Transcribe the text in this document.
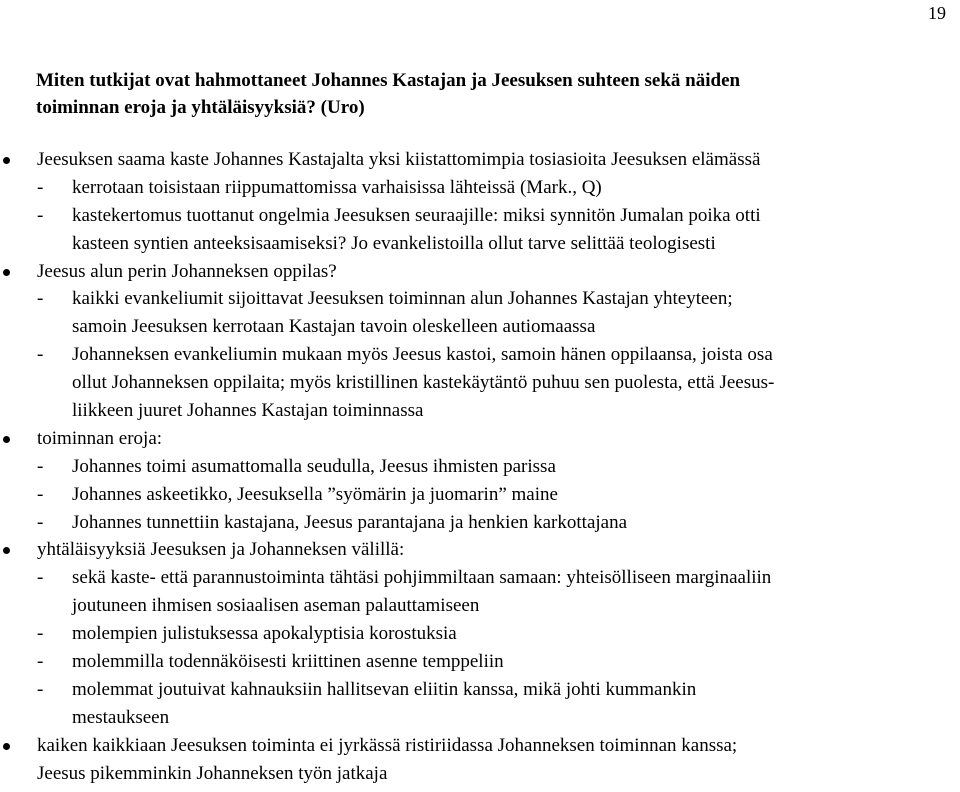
19
Miten tutkijat ovat hahmottaneet Johannes Kastajan ja Jeesuksen suhteen sekä näiden
toiminnan eroja ja yhtäläisyyksiä? (Uro)
Jeesuksen saama kaste Johannes Kastajalta yksi kiistattomimpia tosiasioita Jeesuksen elämässä
- kerrotaan toisistaan riippumattomissa varhaisissa lähteissä (Mark., Q)
- kastekertomus tuottanut ongelmia Jeesuksen seuraajille: miksi synnitön Jumalan poika otti
kasteen syntien anteeksisaamiseksi? Jo evankelistoilla ollut tarve selittää teologisesti
Jeesus alun perin Johanneksen oppilas?
- kaikki evankeliumit sijoittavat Jeesuksen toiminnan alun Johannes Kastajan yhteyteen;
samoin Jeesuksen kerrotaan Kastajan tavoin oleskelleen autiomaassa
- Johanneksen evankeliumin mukaan myös Jeesus kastoi, samoin hänen oppilaansa, joista osa
ollut Johanneksen oppilaita; myös kristillinen kastekäytäntö puhuu sen puolesta, että Jeesus-
liikkeen juuret Johannes Kastajan toiminnassa
toiminnan eroja:
- Johannes toimi asumattomalla seudulla, Jeesus ihmisten parissa
- Johannes askeetikko, Jeesuksella ”syömärin ja juomarin” maine
- Johannes tunnettiin kastajana, Jeesus parantajana ja henkien karkottajana
yhtäläisyyksiä Jeesuksen ja Johanneksen välillä:
- sekä kaste- että parannustoiminta tähtäsi pohjimmiltaan samaan: yhteisölliseen marginaaliin
joutuneen ihmisen sosiaalisen aseman palauttamiseen
- molempien julistuksessa apokalyptisia korostuksia
- molemmilla todennäköisesti kriittinen asenne temppeliin
- molemmat joutuivat kahnauksiin hallitsevan eliitin kanssa, mikä johti kummankin
mestaukseen
kaiken kaikkiaan Jeesuksen toiminta ei jyrkässä ristiriidassa Johanneksen toiminnan kanssa;
Jeesus pikemminkin Johanneksen työn jatkaja
